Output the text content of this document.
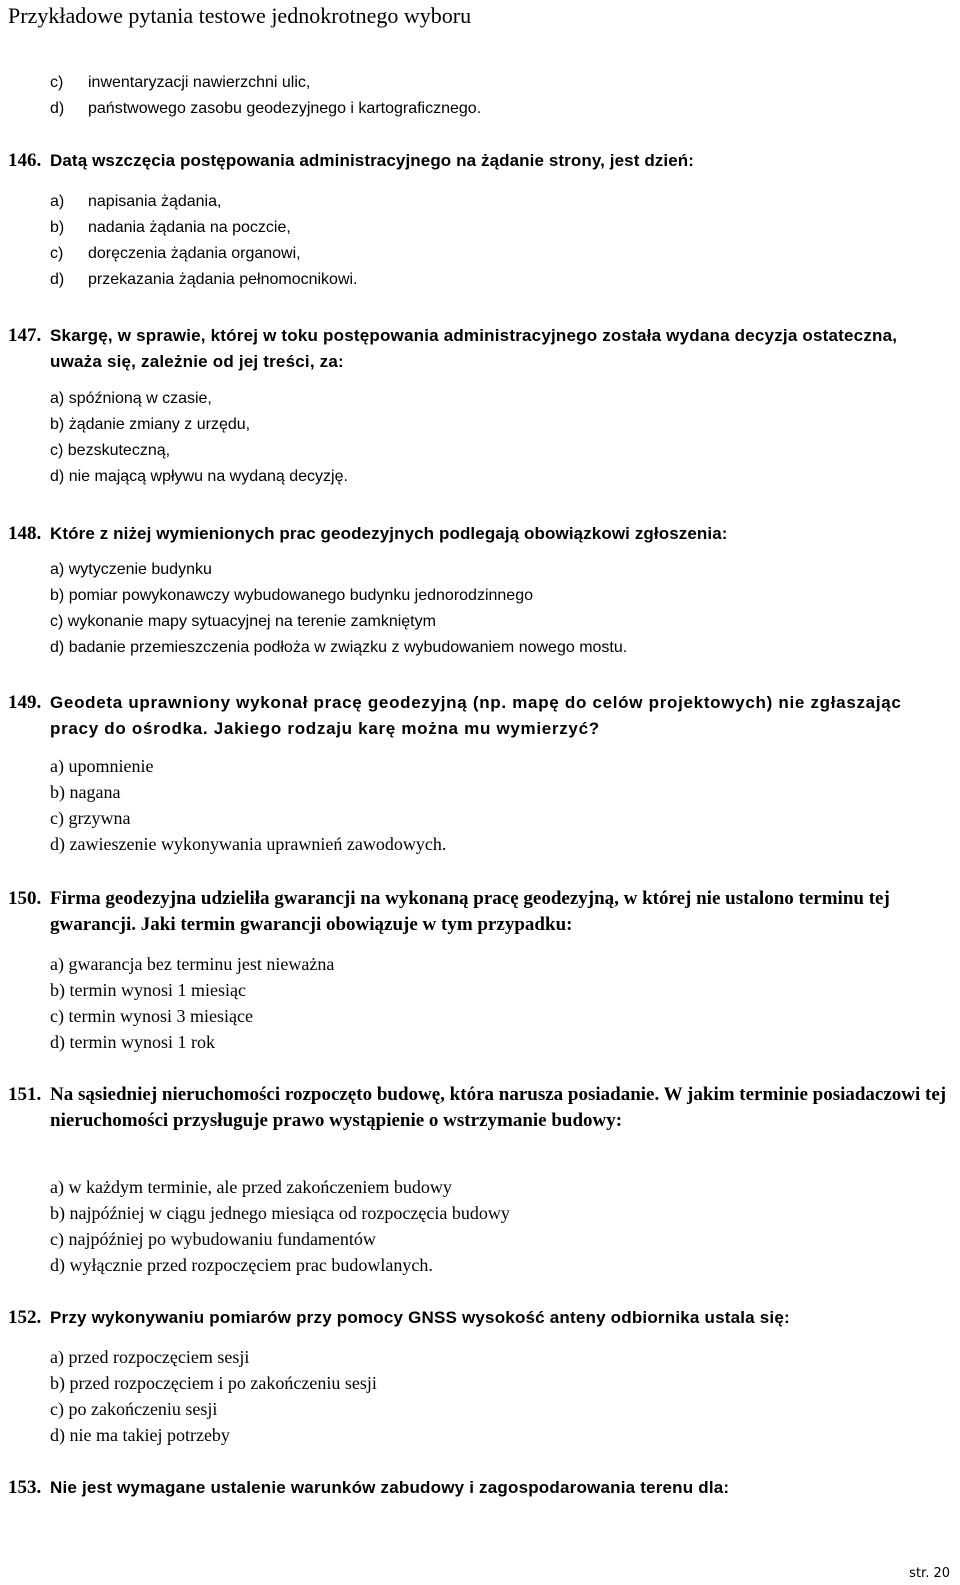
Przykładowe pytania testowe jednokrotnego wyboru
c) inwentaryzacji nawierzchni ulic,
d) państwowego zasobu geodezyjnego i kartograficznego.
146. Datą wszczęcia postępowania administracyjnego na żądanie strony, jest dzień:
a) napisania żądania,
b) nadania żądania na poczcie,
c) doręczenia żądania organowi,
d) przekazania żądania pełnomocnikowi.
147. Skargę, w sprawie, której w toku postępowania administracyjnego została wydana decyzja ostateczna, uważa się, zależnie od jej treści, za:
a) spóźnioną w czasie,
b) żądanie zmiany z urzędu,
c) bezskuteczną,
d) nie mającą wpływu na wydaną decyzję.
148. Które z niżej wymienionych prac geodezyjnych podlegają obowiązkowi zgłoszenia:
a) wytyczenie budynku
b) pomiar powykonawczy wybudowanego budynku jednorodzinnego
c) wykonanie mapy sytuacyjnej na terenie zamkniętym
d) badanie przemieszczenia podłoża w związku z wybudowaniem nowego mostu.
149. Geodeta uprawniony wykonał pracę geodezyjną (np. mapę do celów projektowych) nie zgłaszając pracy do ośrodka. Jakiego rodzaju karę można mu wymierzyć?
a) upomnienie
b) nagana
c) grzywna
d) zawieszenie wykonywania uprawnień zawodowych.
150. Firma geodezyjna udzieliła gwarancji na wykonaną pracę geodezyjną, w której nie ustalono terminu tej gwarancji. Jaki termin gwarancji obowiązuje w tym przypadku:
a) gwarancja bez terminu jest nieważna
b) termin wynosi 1 miesiąc
c) termin wynosi 3 miesiące
d) termin wynosi 1 rok
151. Na sąsiedniej nieruchomości rozpoczęto budowę, która narusza posiadanie. W jakim terminie posiadaczowi tej nieruchomości przysługuje prawo wystąpienie o wstrzymanie budowy:
a) w każdym terminie, ale przed zakończeniem budowy
b) najpóźniej w ciągu jednego miesiąca od rozpoczęcia budowy
c) najpóźniej po wybudowaniu fundamentów
d) wyłącznie przed rozpoczęciem prac budowlanych.
152. Przy wykonywaniu pomiarów przy pomocy GNSS wysokość anteny odbiornika ustala się:
a) przed rozpoczęciem sesji
b) przed rozpoczęciem i po zakończeniu sesji
c) po zakończeniu sesji
d) nie ma takiej potrzeby
153. Nie jest wymagane ustalenie warunków zabudowy i zagospodarowania terenu dla:
str. 20
